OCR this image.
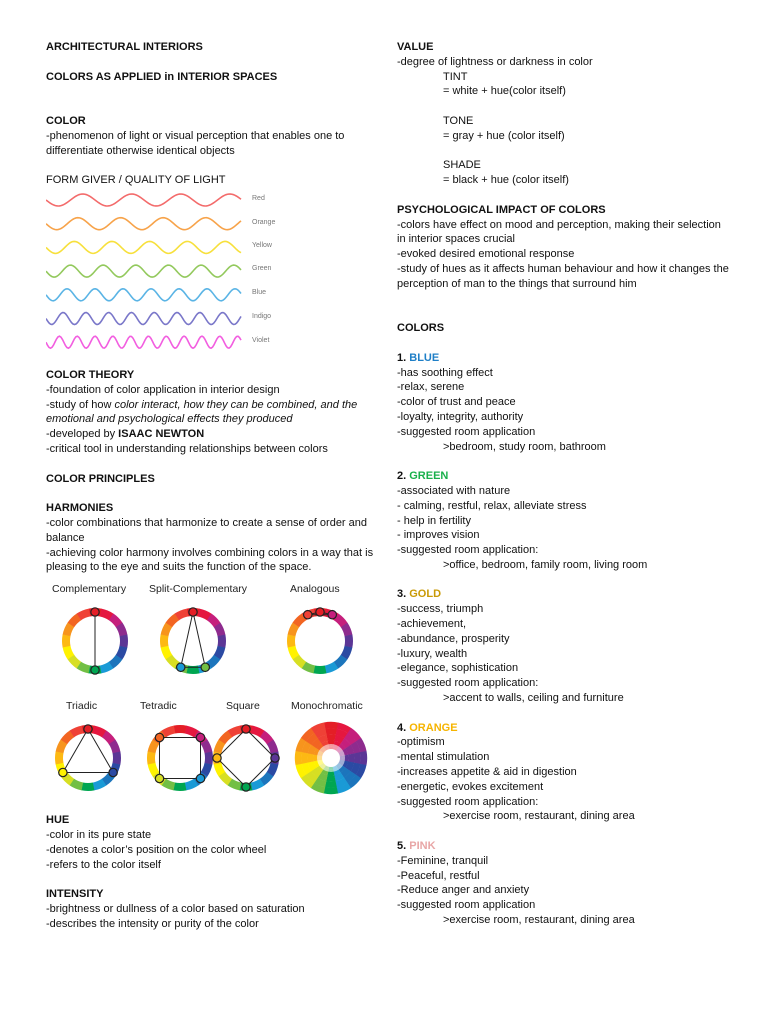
ARCHITECTURAL INTERIORS
COLORS AS APPLIED in INTERIOR SPACES
COLOR
-phenomenon of light or visual perception that enables one to differentiate otherwise identical objects
FORM GIVER / QUALITY OF LIGHT
Red
Orange
Yellow
Green
Blue
Indigo
Violet
COLOR THEORY
-foundation of color application in interior design
-study of how color interact, how they can be combined, and the emotional and psychological effects they produced
-developed by ISAAC NEWTON
-critical tool in understanding relationships between colors
COLOR PRINCIPLES
HARMONIES
-color combinations that harmonize to create a sense of order and balance
-achieving color harmony involves combining colors in a way that is pleasing to the eye and suits the function of the space.
Complementary Split-Complementary	Analogous
Triadic	Tetradic	Square	Monochromatic
HUE
-color in its pure state
-denotes a color’s position on the color wheel
-refers to the color itself
INTENSITY
-brightness or dullness of a color based on saturation
-describes the intensity or purity of the color
VALUE
-degree of lightness or darkness in color
TINT
= white + hue(color itself)
TONE
= gray + hue (color itself)
SHADE
= black + hue (color itself)
PSYCHOLOGICAL IMPACT OF COLORS
-colors have effect on mood and perception, making their selection in interior spaces crucial
-evoked desired emotional response
-study of hues as it affects human behaviour and how it changes the perception of man to the things that surround him
COLORS
1. BLUE
-has soothing effect
-relax, serene
-color of trust and peace
-loyalty, integrity, authority
-suggested room application
>bedroom, study room, bathroom
2. GREEN
-associated with nature
- calming, restful, relax, alleviate stress
- help in fertility
- improves vision
-suggested room application:
>office, bedroom, family room, living room
3. GOLD
-success, triumph
-achievement,
-abundance, prosperity
-luxury, wealth
-elegance, sophistication
-suggested room application:
>accent to walls, ceiling and furniture
4. ORANGE
-optimism
-mental stimulation
-increases appetite & aid in digestion
-energetic, evokes excitement
-suggested room application:
>exercise room, restaurant, dining area
5. PINK
-Feminine, tranquil
-Peaceful, restful
-Reduce anger and anxiety
-suggested room application
>exercise room, restaurant, dining area
